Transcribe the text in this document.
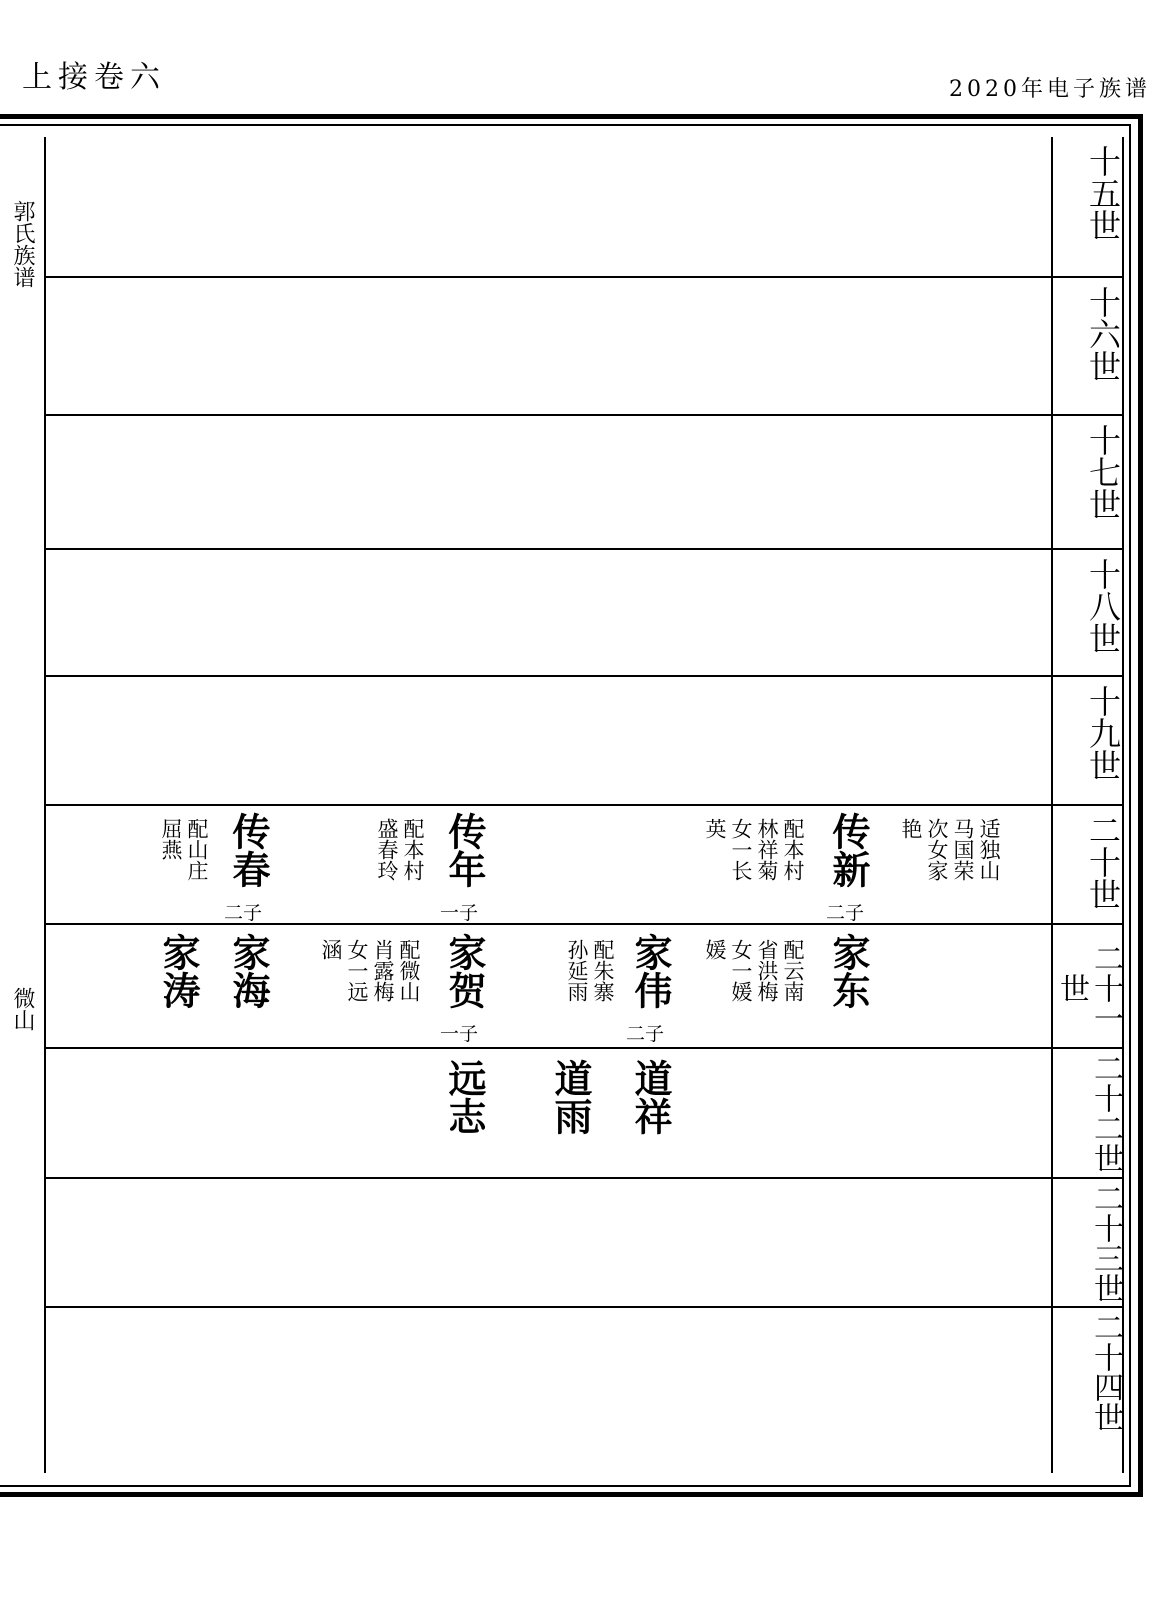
上接卷六	2020年电子族谱
郭氏族谱
微山
十五世
十六世
十七世
十八世
十九世
二十世
艳 次女家 马国荣 适独山
传新
二子
英 女一长 林祥菊 配本村
传年
一子
盛春玲 配本村
传春
二子
屈燕 配山庄
二十一世
家东
媛 女一媛 省洪梅 配云南
家伟
二子
孙延雨 配朱寨
家贺
一子
涵 女一远 肖露梅 配微山
家海
家涛
二十二世
道祥
道雨
远志
二十三世
二十四世
